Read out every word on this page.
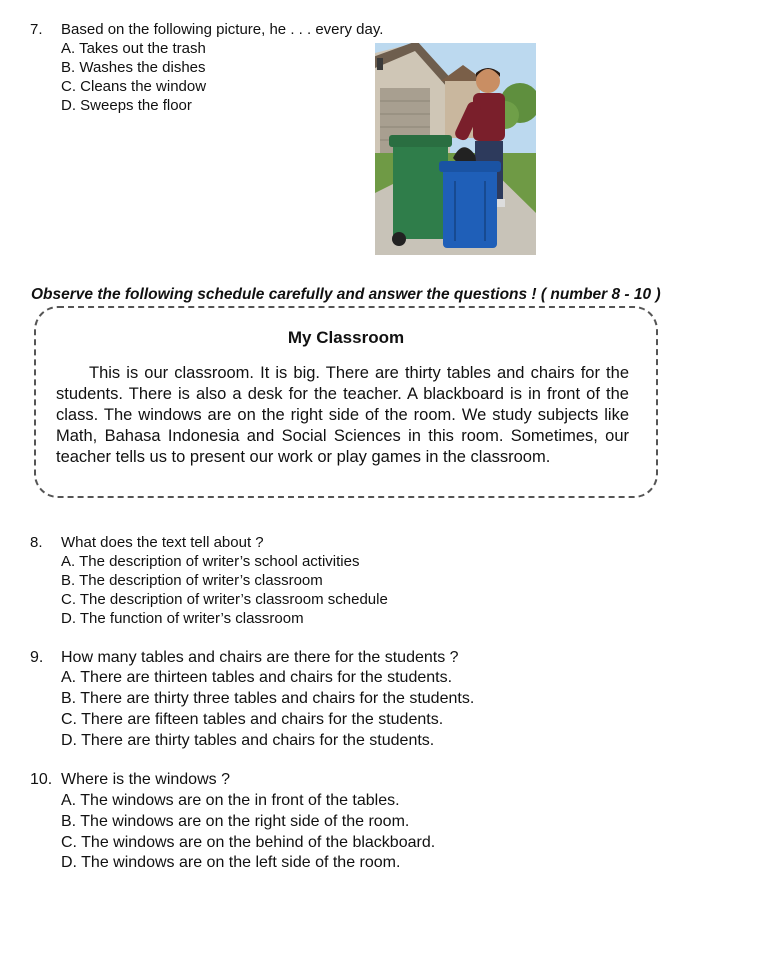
7. Based on the following picture, he . . . every day.
A. Takes out the trash
B. Washes the dishes
C. Cleans the window
D. Sweeps the floor
Observe the following schedule carefully and answer the questions ! ( number 8 - 10 )
My Classroom

This is our classroom. It is big. There are thirty tables and chairs for the students. There is also a desk for the teacher. A blackboard is in front of the class. The windows are on the right side of the room. We study subjects like Math, Bahasa Indonesia and Social Sciences in this room. Sometimes, our teacher tells us to present our work or play games in the classroom.

8. What does the text tell about ?
A. The description of writer’s school activities
B. The description of writer’s classroom
C. The description of writer’s classroom schedule
D. The function of writer’s classroom
9. How many tables and chairs are there for the students ?
A. There are thirteen tables and chairs for the students.
B. There are thirty three tables and chairs for the students.
C. There are fifteen tables and chairs for the students.
D. There are thirty tables and chairs for the students.
10. Where is the windows ?
A. The windows are on the in front of the tables.
B. The windows are on the right side of the room.
C. The windows are on the behind of the blackboard.
D. The windows are on the left side of the room.
